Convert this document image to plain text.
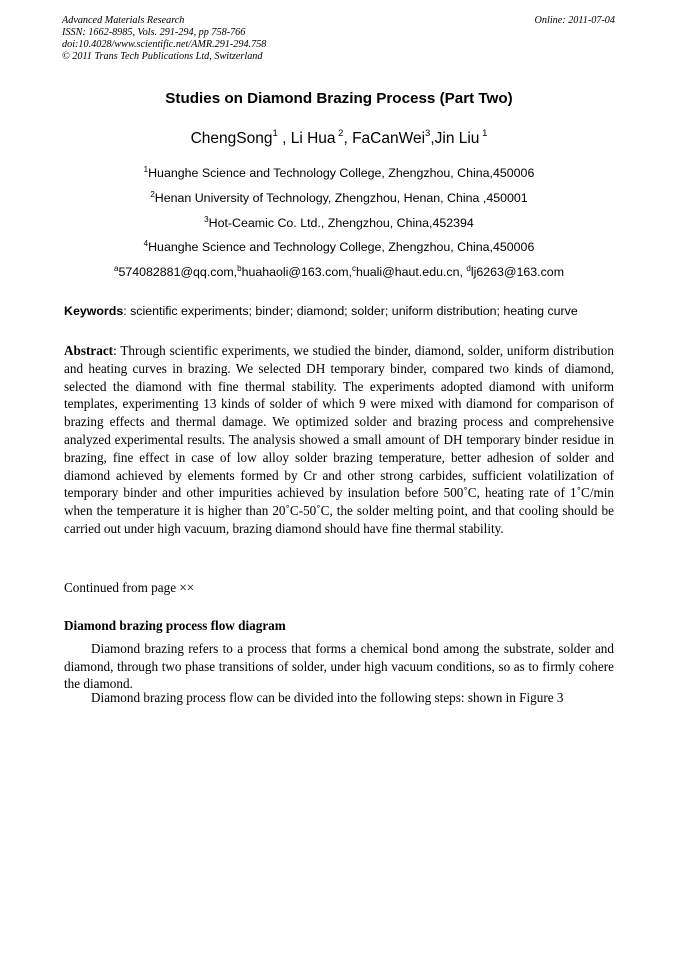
Advanced Materials Research
ISSN: 1662-8985, Vols. 291-294, pp 758-766
doi:10.4028/www.scientific.net/AMR.291-294.758
© 2011 Trans Tech Publications Ltd, Switzerland
Online: 2011-07-04
Studies on Diamond Brazing Process (Part Two)
ChengSong$^1$ , Li Hua $^2$, FaCanWei$^3$,Jin Liu $^1$
$^1$Huanghe Science and Technology College, Zhengzhou, China,450006
$^2$Henan University of Technology, Zhengzhou, Henan, China ,450001
$^3$Hot-Ceamic Co. Ltd., Zhengzhou, China,452394
$^4$Huanghe Science and Technology College, Zhengzhou, China,450006
$^a$574082881@qq.com,$^b$huahaoli@163.com,$^c$huali@haut.edu.cn, $^d$lj6263@163.com
Keywords: scientific experiments; binder; diamond; solder; uniform distribution; heating curve
Abstract: Through scientific experiments, we studied the binder, diamond, solder, uniform distribution and heating curves in brazing. We selected DH temporary binder, compared two kinds of diamond, selected the diamond with fine thermal stability. The experiments adopted diamond with uniform templates, experimenting 13 kinds of solder of which 9 were mixed with diamond for comparison of brazing effects and thermal damage. We optimized solder and brazing process and comprehensive analyzed experimental results. The analysis showed a small amount of DH temporary binder residue in brazing, fine effect in case of low alloy solder brazing temperature, better adhesion of solder and diamond achieved by elements formed by Cr and other strong carbides, sufficient volatilization of temporary binder and other impurities achieved by insulation before 500˚C, heating rate of 1˚C/min when the temperature it is higher than 20˚C-50˚C, the solder melting point, and that cooling should be carried out under high vacuum, brazing diamond should have fine thermal stability.
Continued from page ××
Diamond brazing process flow diagram
Diamond brazing refers to a process that forms a chemical bond among the substrate, solder and diamond, through two phase transitions of solder, under high vacuum conditions, so as to firmly cohere the diamond.
Diamond brazing process flow can be divided into the following steps: shown in Figure 3
